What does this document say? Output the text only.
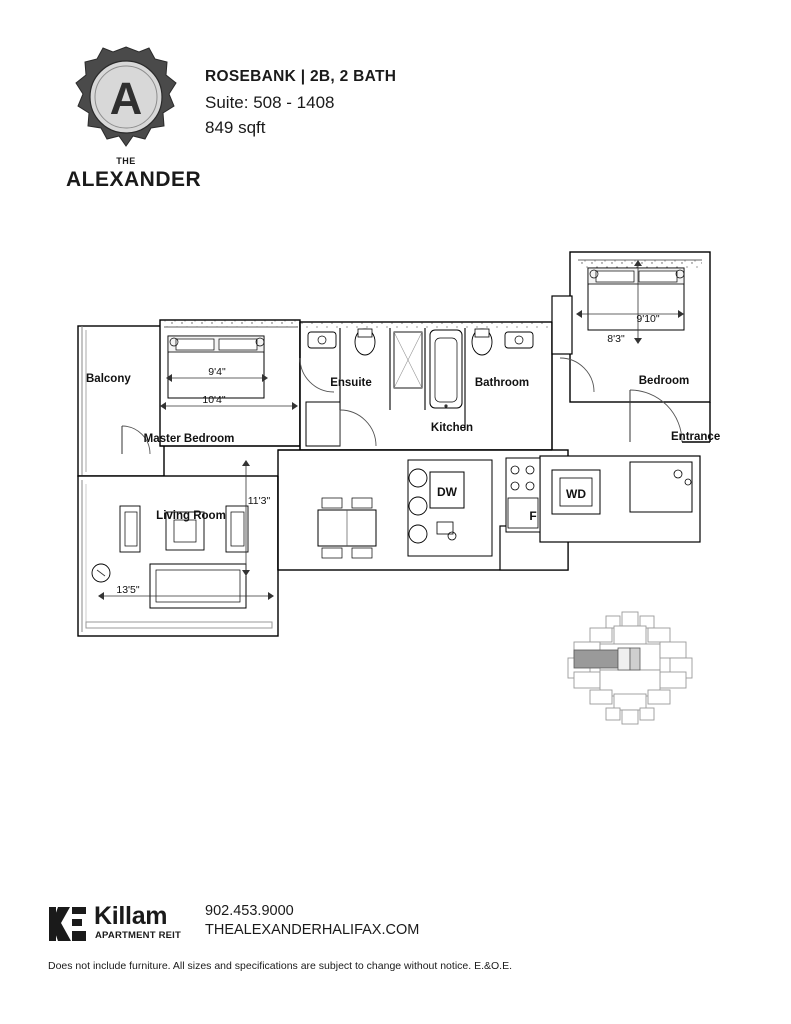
A
THE
ALEXANDER
ROSEBANK | 2B, 2 BATH
Suite: 508 - 1408
849 sqft
Balcony
Master Bedroom
Ensuite	Bathroom	Bedroom
Entrance
Kitchen
Living Room
9'4"
10'4"
11'3"
13'5"
9'10"
8'3"
DW	WD
F
Killam
APARTMENT REIT
902.453.9000
THEALEXANDERHALIFAX.COM
Does not include furniture. All sizes and specifications are subject to change without notice. E.&O.E.
